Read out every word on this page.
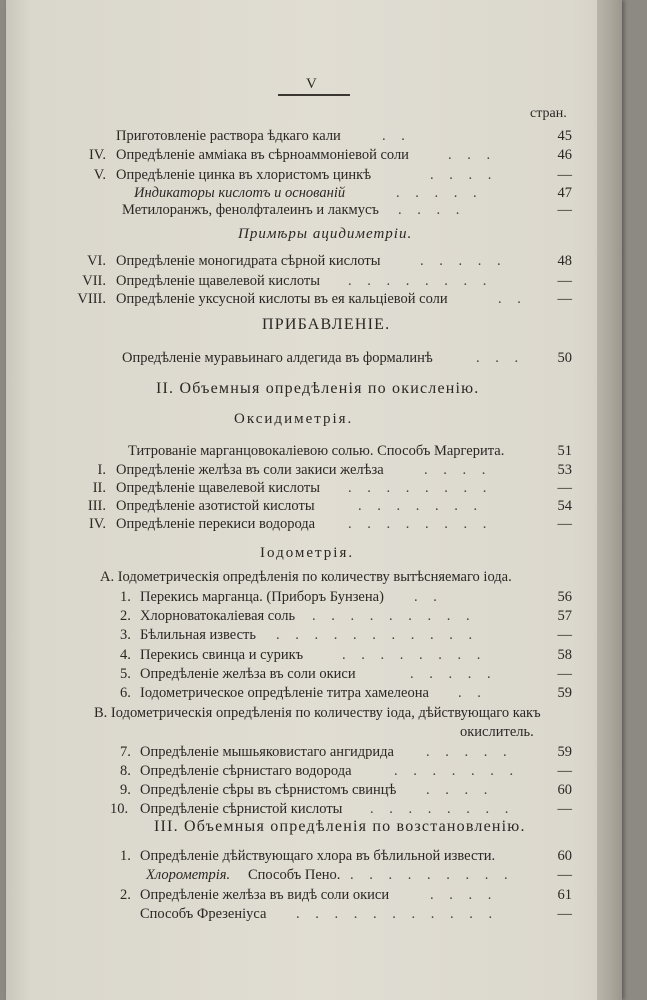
V
стран.
Приготовленіе раствора ѣдкаго кали	. .	45
IV. Опредѣленіе амміака въ сѣрноаммоніевой соли	. . .	46
V. Опредѣленіе цинка въ хлористомъ цинкѣ	. . . .	—
Индикаторы кислотъ и основаній	. . . . .	47
Метилоранжъ, фенолфталеинъ и лакмусъ . . . .	—
Примѣры ацидиметріи.
VI. Опредѣленіе моногидрата сѣрной кислоты	. . . . .	48
VII. Опредѣленіе щавелевой кислоты . . . . . . . .	—
VIII. Опредѣленіе уксусной кислоты въ ея кальціевой соли	. .	—
ПРИБАВЛЕНІЕ.
Опредѣленіе муравьинаго алдегида въ формалинѣ	. . .	50
II. Объемныя опредѣленія по окисленію.
Оксидиметрія.
Титрованіе марганцовокаліевою солью. Способъ Маргерита.	51
I. Опредѣленіе желѣза въ соли закиси желѣза	. . . .	53
II. Опредѣленіе щавелевой кислоты . . . . . . . .	—
III. Опредѣленіе азотистой кислоты	. . . . . . .	54
IV. Опредѣленіе перекиси водорода . . . . . . . .	—
Іодометрія.
A. Іодометрическія опредѣленія по количеству вытѣсняемаго іода.
1. Перекись марганца. (Приборъ Бунзена) . .	56
2. Хлорноватокаліевая соль . . . . . . . . .	57
3. Бѣлильная известь . . . . . . . . . . .	—
4. Перекись свинца и сурикъ	. . . . . . . .	58
5. Опредѣленіе желѣза въ соли окиси	. . . . .	—
6. Іодометрическое опредѣленіе титра хамелеона . .	59
B. Іодометрическія опредѣленія по количеству іода, дѣйствующаго какъ
окислитель.
7. Опредѣленіе мышьяковистаго ангидрида . . . . .	59
8. Опредѣленіе сѣрнистаго водорода	. . . . . . .	—
9. Опредѣленіе сѣры въ сѣрнистомъ свинцѣ . . . .	60
10. Опредѣленіе сѣрнистой кислоты . . . . . . . .	—
III. Объемныя опредѣленія по возстановленію.
1. Опредѣленіе дѣйствующаго хлора въ бѣлильной извести.	60
Хлорометрія. Способъ Пено. . . . . . . . . .	—
2. Опредѣленіе желѣза въ видѣ соли окиси	. . . .	61
Способъ Фрезеніуса . . . . . . . . . . .	—
